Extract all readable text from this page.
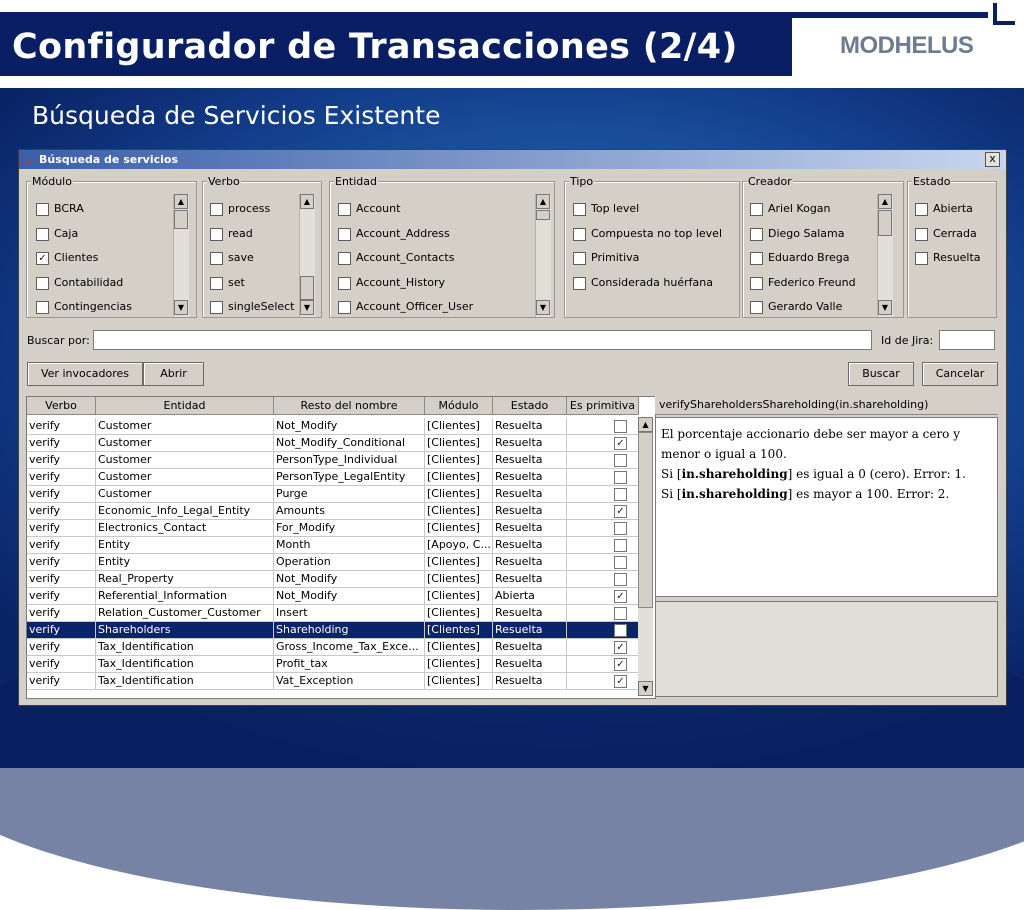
Configurador de Transacciones (2/4)	MODHELUS
Búsqueda de Servicios Existente
♨ Búsqueda de servicios	x
Módulo
BCRA
Caja
✓ Clientes
Contabilidad
Contingencias
▲
▼
Verbo
process
read
save
set
singleSelect
▲
▼
Entidad
Account
Account_Address
Account_Contacts
Account_History
Account_Officer_User
▲
▼
Tipo
Top level
Compuesta no top level
Primitiva
Considerada huérfana
Creador
Ariel Kogan
Diego Salama
Eduardo Brega
Federico Freund
Gerardo Valle
▲
▼
Estado
Abierta
Cerrada
Resuelta
Buscar por:	Id de Jira:
Ver invocadores	Abrir	Buscar	Cancelar
Verbo	Entidad	Resto del nombre	Módulo	Estado	Es primitiva
verify	Customer	Not_Modify	[Clientes]	Resuelta
verify	Customer	Not_Modify_Conditional	[Clientes]	Resuelta	✓
verify	Customer	PersonType_Individual	[Clientes]	Resuelta
verify	Customer	PersonType_LegalEntity	[Clientes]	Resuelta
verify	Customer	Purge	[Clientes]	Resuelta
verify	Economic_Info_Legal_Entity	Amounts	[Clientes]	Resuelta	✓
verify	Electronics_Contact	For_Modify	[Clientes]	Resuelta
verify	Entity	Month	[Apoyo, C... Resuelta
verify	Entity	Operation	[Clientes]	Resuelta
verify	Real_Property	Not_Modify	[Clientes]	Resuelta
verify	Referential_Information	Not_Modify	[Clientes]	Abierta	✓
verify	Relation_Customer_Customer	Insert	[Clientes]	Resuelta
verify	Shareholders	Shareholding	[Clientes]	Resuelta
verify	Tax_Identification	Gross_Income_Tax_Exce... [Clientes]	Resuelta	✓
verify	Tax_Identification	Profit_tax	[Clientes]	Resuelta	✓
verify	Tax_Identification	Vat_Exception	[Clientes]	Resuelta	✓
▲
▼
verifyShareholdersShareholding(in.shareholding)
El porcentaje accionario debe ser mayor a cero y menor o igual a 100.
Si [in.shareholding] es igual a 0 (cero). Error: 1.
Si [in.shareholding] es mayor a 100. Error: 2.
